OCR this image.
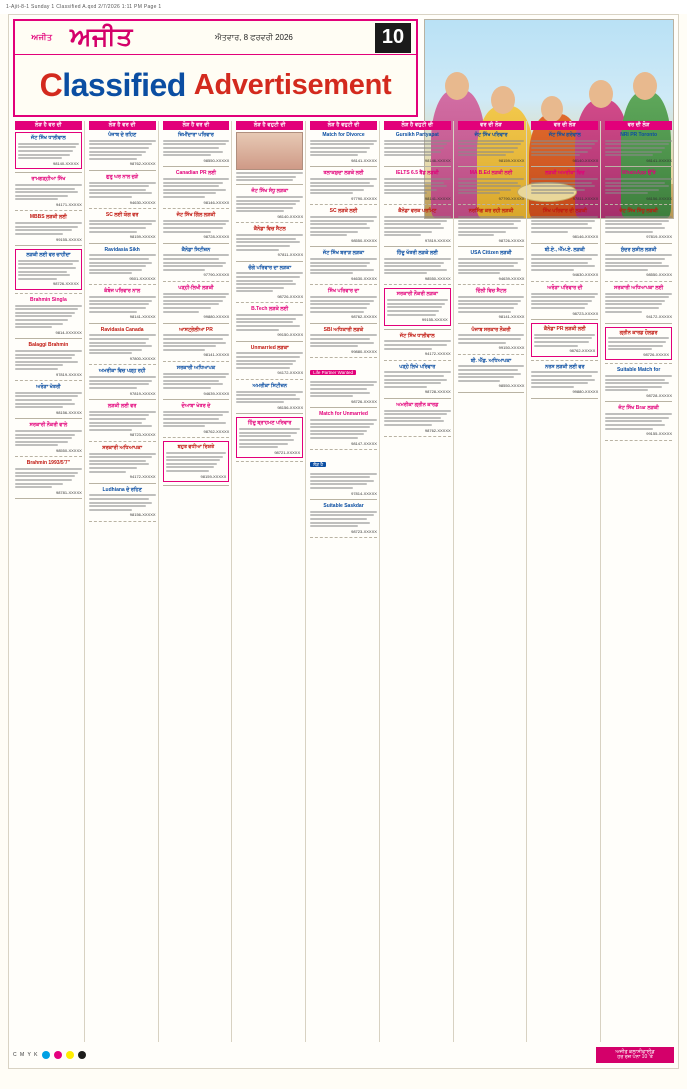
1-Ajit-8-1 Sunday 1 Classified A.qxd 2/7/2026 1:11 PM Page 1
ਅਜੀਤ ਅਜੀਤ	ਐਤਵਾਰ, 8 ਫਰਵਰੀ 2026	10
Classified Advertisement
ਲੋੜ ਹੈ ਵਰ ਦੀ
ਜੱਟ ਸਿੱਖ ਧਾਲੀਵਾਲ
98140-XXXXX
ਰਾਮਗੜ੍ਹੀਆ ਸਿੱਖ
94171-XXXXX
MBBS ਲੜਕੀ ਲਈ
99155-XXXXX
ਲੜਕੀ ਲਈ ਵਰ ਚਾਹੀਦਾ
98726-XXXXX
Brahmin Singla
9814-XXXXXX
Balaggi Brahmin
97819-XXXXX
ਅਰੋੜਾ ਖੱਤਰੀ
98156-XXXXX
ਸਰਕਾਰੀ ਨੌਕਰੀ ਵਾਲੇ
98550-XXXXX
Brahmin 1993/5'7"
98781-XXXXX
ਲੋੜ ਹੈ ਵਰ ਦੀ
ਪੰਜਾਬ ਦੇ ਰਹਿਣ
98762-XXXXX
ਗੁਰੂ ਘਰ ਨਾਲ ਜੁੜੇ
94630-XXXXX
SC ਲਈ ਯੋਗ ਵਰ
98159-XXXXX
Ravidasia Sikh
9501-XXXXXX
ਕੰਬੋਜ ਪਰਿਵਾਰ ਨਾਲ
98141-XXXXX
Ravidasia Canada
97800-XXXXX
ਅਮਰੀਕਾ ਵਿਚ ਪੜ੍ਹ ਰਹੀ
97819-XXXXX
ਲੜਕੀ ਲਈ ਵਰ
98723-XXXXX
ਸਰਕਾਰੀ ਅਧਿਆਪਕਾ
94172-XXXXX
Ludhiana ਦੇ ਰਹਿਣ
98156-XXXXX
ਲੋੜ ਹੈ ਵਰ ਦੀ
ਜ਼ਿਮੀਂਦਾਰਾ ਪਰਿਵਾਰ
98550-XXXXX
Canadian PR ਲਈ
98146-XXXXX
ਜੱਟ ਸਿੱਖ ਗਿੱਲ ਲੜਕੀ
98728-XXXXX
ਕੈਨੇਡਾ ਸਿਟੀਜ਼ਨ
97790-XXXXX
ਪੜ੍ਹੀ-ਲਿਖੀ ਲੜਕੀ
99880-XXXXX
ਆਸਟ੍ਰੇਲੀਆ PR
98141-XXXXX
ਸਰਕਾਰੀ ਅਧਿਆਪਕ
94639-XXXXX
ਦੋਆਬਾ ਖੇਤਰ ਦੇ
98762-XXXXX
ਬਹੁਤ ਵਧੀਆ ਰਿਸ਼ਤੇ
98159-XXXXX
ਲੋੜ ਹੈ ਵਹੁਟੀ ਦੀ
ਜੱਟ ਸਿੱਖ ਸੰਧੂ ਲੜਕਾ
98140-XXXXX
ਕੈਨੇਡਾ ਵਿਚ ਸੈਟਲ
97811-XXXXX
ਚੰਗੇ ਪਰਿਵਾਰ ਦਾ ਲੜਕਾ
98726-XXXXX
B.Tech ਲੜਕੇ ਲਈ
99150-XXXXX
Unmarried ਲੜਕਾ
94172-XXXXX
ਅਮਰੀਕਾ ਸਿਟੀਜ਼ਨ
98156-XXXXX
ਹਿੰਦੂ ਬ੍ਰਾਹਮਣ ਪਰਿਵਾਰ
98721-XXXXX
ਲੋੜ ਹੈ ਵਹੁਟੀ ਦੀ
Match for Divorce
98141-XXXXX
ਤਲਾਕਸ਼ੁਦਾ ਲੜਕੇ ਲਈ
97790-XXXXX
SC ਲੜਕੇ ਲਈ
98550-XXXXX
ਜੱਟ ਸਿੱਖ ਬਰਾੜ ਲੜਕਾ
94630-XXXXX
ਸਿੱਖ ਪਰਿਵਾਰ ਦਾ
98762-XXXXX
SBI ਅਧਿਕਾਰੀ ਲੜਕੇ
99880-XXXXX
Life Partner Wanted
98726-XXXXX
Match for Unmarried
98147-XXXXX
ਲੋੜ ਹੈ
97814-XXXXX
Suitable Saskdar
98723-XXXXX
ਲੋੜ ਹੈ ਵਹੁਟੀ ਦੀ
Gursikh Partyapat
98146-XXXXX
IELTS 6.5 ਬੈਂਡ ਲੜਕੀ
98141-XXXXX
ਕੈਨੇਡਾ ਵਰਕ ਪਰਮਿਟ
97819-XXXXX
ਹਿੰਦੂ ਖੱਤਰੀ ਲੜਕੇ ਲਈ
98550-XXXXX
ਸਰਕਾਰੀ ਨੌਕਰੀ ਲੜਕਾ
99155-XXXXX
ਜੱਟ ਸਿੱਖ ਧਾਲੀਵਾਲ
94172-XXXXX
ਪੜ੍ਹੇ ਲਿਖੇ ਪਰਿਵਾਰ
98728-XXXXX
ਅਮਰੀਕਾ ਗ੍ਰੀਨ ਕਾਰਡ
98762-XXXXX
ਵਰ ਦੀ ਲੋੜ
ਜੱਟ ਸਿੱਖ ਪਰਿਵਾਰ
98159-XXXXX
MA B.Ed ਲੜਕੀ ਲਈ
97790-XXXXX
ਨਰਸਿੰਗ ਕਰ ਰਹੀ ਲੜਕੀ
98726-XXXXX
USA Citizen ਲੜਕੀ
94639-XXXXX
ਦਿੱਲੀ ਵਿਚ ਸੈਟਲ
98141-XXXXX
ਪੰਜਾਬ ਸਰਕਾਰ ਨੌਕਰੀ
99150-XXXXX
ਬੀ. ਐੱਡ. ਅਧਿਆਪਕਾ
98550-XXXXX
ਵਰ ਦੀ ਲੋੜ
ਜੱਟ ਸਿੱਖ ਗਰੇਵਾਲ
98140-XXXXX
ਲੜਕੀ ਅਮਰੀਕਾ ਵਿਚ
97811-XXXXX
ਸਿੱਖ ਪਰਿਵਾਰ ਦੀ ਲੜਕੀ
98146-XXXXX
ਬੀ.ਏ., ਐੱਮ.ਏ. ਲੜਕੀ
94630-XXXXX
ਅਰੋੜਾ ਪਰਿਵਾਰ ਦੀ
98723-XXXXX
ਕੈਨੇਡਾ PR ਲੜਕੀ ਲਈ
98762-XXXXX
ਨਰਸ ਲੜਕੀ ਲਈ ਵਰ
99880-XXXXX
ਵਰ ਦੀ ਲੋੜ
NRI PR Toronto
98141-XXXXX
WhatsApp ਉੱਤੇ
98156-XXXXX
ਜੱਟ ਸਿੱਖ ਸਿੱਧੂ ਲੜਕੀ
97819-XXXXX
ਸੁੰਦਰ ਸੁਸ਼ੀਲ ਲੜਕੀ
98550-XXXXX
ਸਰਕਾਰੀ ਅਧਿਆਪਕਾ ਲਈ
94172-XXXXX
ਗ੍ਰੀਨ ਕਾਰਡ ਹੋਲਡਰ
98726-XXXXX
Suitable Match for
98728-XXXXX
ਜੱਟ ਸਿੱਖ Brar ਲੜਕੀ
99155-XXXXX
C M Y K
ਅਜੀਤ ਕਲਾਸੀਫਾਈਡ
ਹਰ ਰੋਜ਼ ਪੰਨਾ 10 'ਤੇ
